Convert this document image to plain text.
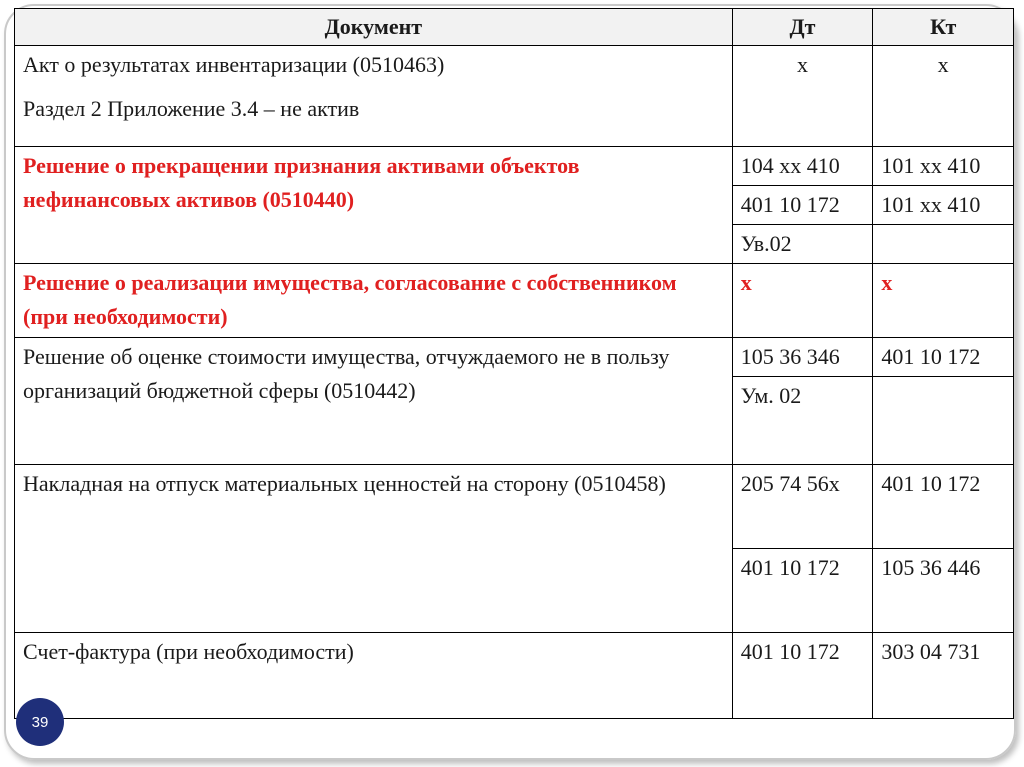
Документ	Дт	Кт

Акт о результатах инвентаризации (0510463)
Раздел 2 Приложение 3.4 – не актив	х	х
Решение о прекращении признания активами объектов нефинансовых активов (0510440)	104 хх 410	101 хх 410
	401 10 172	101 хх 410
	Ув.02	
Решение о реализации имущества, согласование с собственником (при необходимости)	х	х
Решение об оценке стоимости имущества, отчуждаемого не в пользу организаций бюджетной сферы (0510442)	105 36 346	401 10 172
	Ум. 02	
Накладная на отпуск материальных ценностей на сторону (0510458)	205 74 56х	401 10 172
	401 10 172	105 36 446
Счет-фактура (при необходимости)	401 10 172	303 04 731
39
